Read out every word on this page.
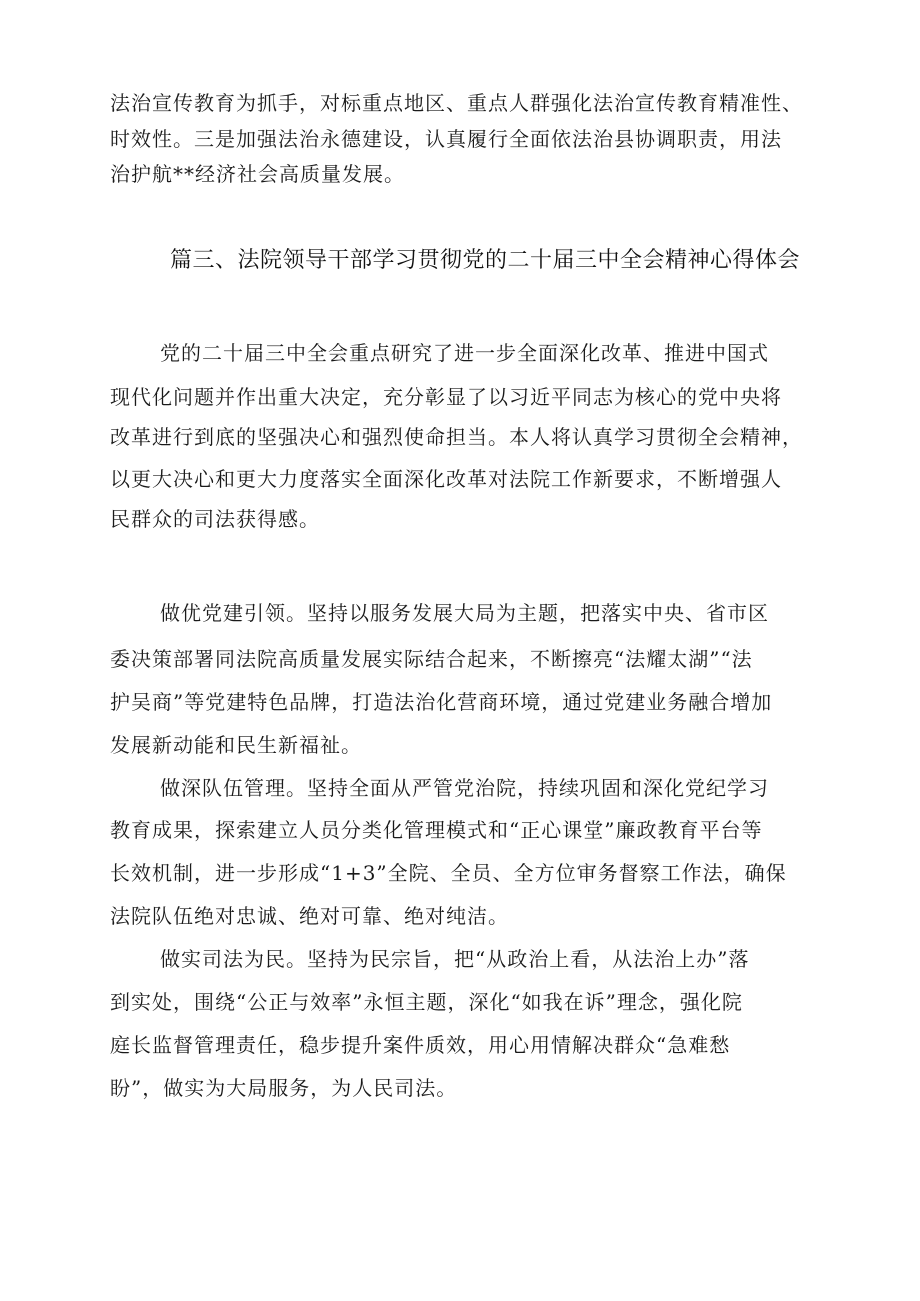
法治宣传教育为抓手，对标重点地区、重点人群强化法治宣传教育精准性、
时效性。三是加强法治永德建设，认真履行全面依法治县协调职责，用法
治护航**经济社会高质量发展。
篇三、法院领导干部学习贯彻党的二十届三中全会精神心得体会
党的二十届三中全会重点研究了进一步全面深化改革、推进中国式
现代化问题并作出重大决定，充分彰显了以习近平同志为核心的党中央将
改革进行到底的坚强决心和强烈使命担当。本人将认真学习贯彻全会精神，
以更大决心和更大力度落实全面深化改革对法院工作新要求，不断增强人
民群众的司法获得感。
做优党建引领。坚持以服务发展大局为主题，把落实中央、省市区
委决策部署同法院高质量发展实际结合起来，不断擦亮“法耀太湖”“法
护吴商”等党建特色品牌，打造法治化营商环境，通过党建业务融合增加
发展新动能和民生新福祉。
做深队伍管理。坚持全面从严管党治院，持续巩固和深化党纪学习
教育成果，探索建立人员分类化管理模式和“正心课堂”廉政教育平台等
长效机制，进一步形成“1+3”全院、全员、全方位审务督察工作法，确保
法院队伍绝对忠诚、绝对可靠、绝对纯洁。
做实司法为民。坚持为民宗旨，把“从政治上看，从法治上办”落
到实处，围绕“公正与效率”永恒主题，深化“如我在诉”理念，强化院
庭长监督管理责任，稳步提升案件质效，用心用情解决群众“急难愁
盼”，做实为大局服务，为人民司法。
